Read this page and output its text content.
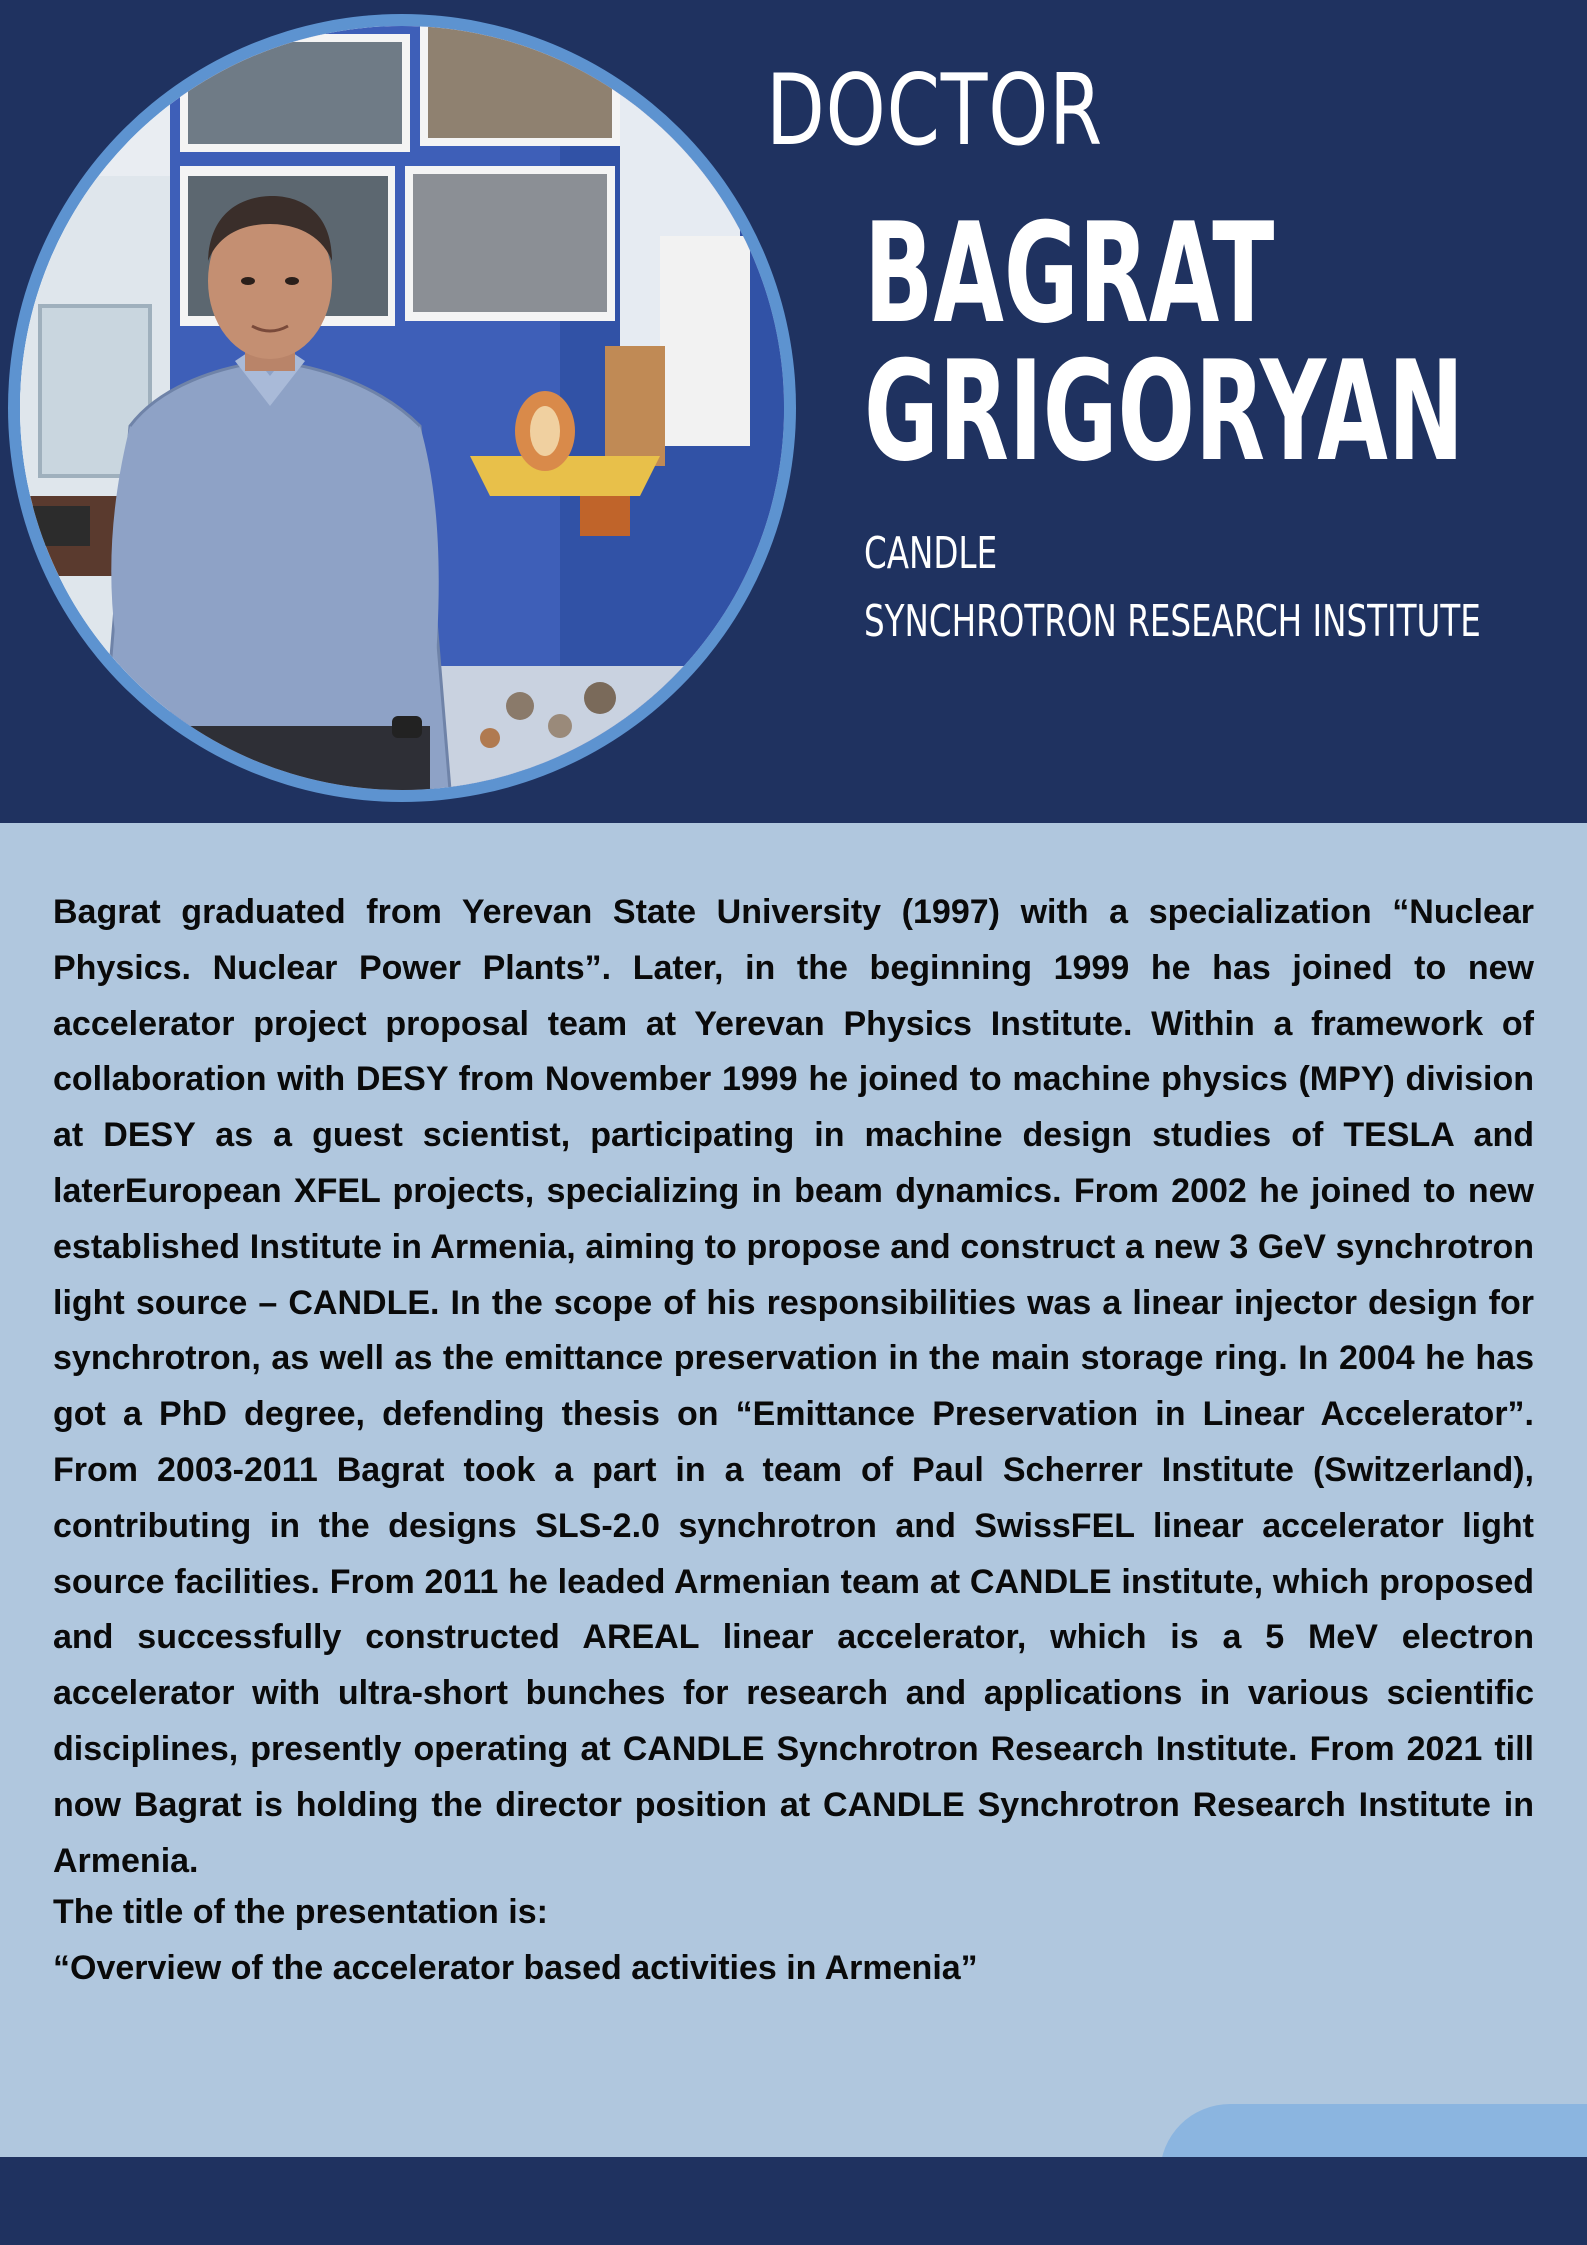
DOCTOR
BAGRAT
GRIGORYAN
CANDLE
SYNCHROTRON RESEARCH INSTITUTE

Bagrat graduated from Yerevan State University (1997) with a specialization “Nuclear Physics. Nuclear Power Plants”. Later, in the beginning 1999 he has joined to new accelerator project proposal team at Yerevan Physics Institute. Within a framework of collaboration with DESY from November 1999 he joined to machine physics (MPY) division at DESY as a guest scientist, participating in machine design studies of TESLA and laterEuropean XFEL projects, specializing in beam dynamics. From 2002 he joined to new established Institute in Armenia, aiming to propose and construct a new 3 GeV synchrotron light source – CANDLE. In the scope of his responsibilities was a linear injector design for synchrotron, as well as the emittance preservation in the main storage ring. In 2004 he has got a PhD degree, defending thesis on “Emittance Preservation in Linear Accelerator”. From 2003-2011 Bagrat took a part in a team of Paul Scherrer Institute (Switzerland), contributing in the designs SLS-2.0 synchrotron and SwissFEL linear accelerator light source facilities. From 2011 he leaded Armenian team at CANDLE institute, which proposed and successfully constructed AREAL linear accelerator, which is a 5 MeV electron accelerator with ultra-short bunches for research and applications in various scientific disciplines, presently operating at CANDLE Synchrotron Research Institute. From 2021 till now Bagrat is holding the director position at CANDLE Synchrotron Research Institute in Armenia.

The title of the presentation is:
“Overview of the accelerator based activities in Armenia”
